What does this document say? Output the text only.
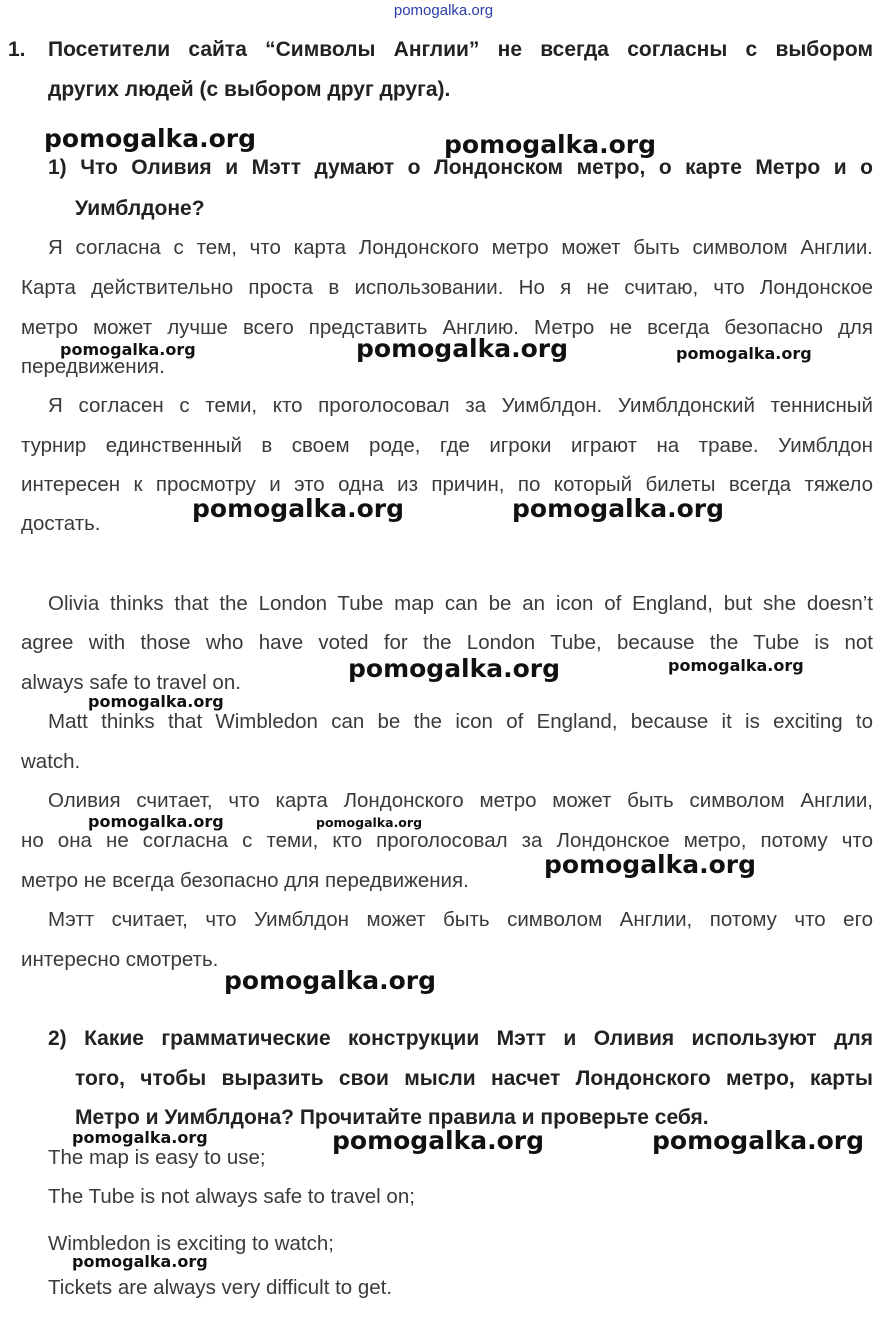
pomogalka.org
1. Посетители сайта “Символы Англии” не всегда согласны с выбором
других людей (с выбором друг друга).
1) Что Оливия и Мэтт думают о Лондонском метро, о карте Метро и о
Уимблдоне?
Я согласна с тем, что карта Лондонского метро может быть символом Англии.
Карта действительно проста в использовании. Но я не считаю, что Лондонское
метро может лучше всего представить Англию. Метро не всегда безопасно для
передвижения.
Я согласен с теми, кто проголосовал за Уимблдон. Уимблдонский теннисный
турнир единственный в своем роде, где игроки играют на траве. Уимблдон
интересен к просмотру и это одна из причин, по который билеты всегда тяжело
достать.
Olivia thinks that the London Tube map can be an icon of England, but she doesn’t
agree with those who have voted for the London Tube, because the Tube is not
always safe to travel on.
Matt thinks that Wimbledon can be the icon of England, because it is exciting to
watch.
Оливия считает, что карта Лондонского метро может быть символом Англии,
но она не согласна с теми, кто проголосовал за Лондонское метро, потому что
метро не всегда безопасно для передвижения.
Мэтт считает, что Уимблдон может быть символом Англии, потому что его
интересно смотреть.
2) Какие грамматические конструкции Мэтт и Оливия используют для
того, чтобы выразить свои мысли насчет Лондонского метро, карты
Метро и Уимблдона? Прочитайте правила и проверьте себя.
The map is easy to use;
The Tube is not always safe to travel on;
Wimbledon is exciting to watch;
Tickets are always very difficult to get.
pomogalka.org	pomogalka.org
pomogalka.org	pomogalka.org	pomogalka.org
pomogalka.org	pomogalka.org
pomogalka.org	pomogalka.org
pomogalka.org
pomogalka.org	pomogalka.org
pomogalka.org
pomogalka.org
pomogalka.org	pomogalka.org	pomogalka.org
pomogalka.org
